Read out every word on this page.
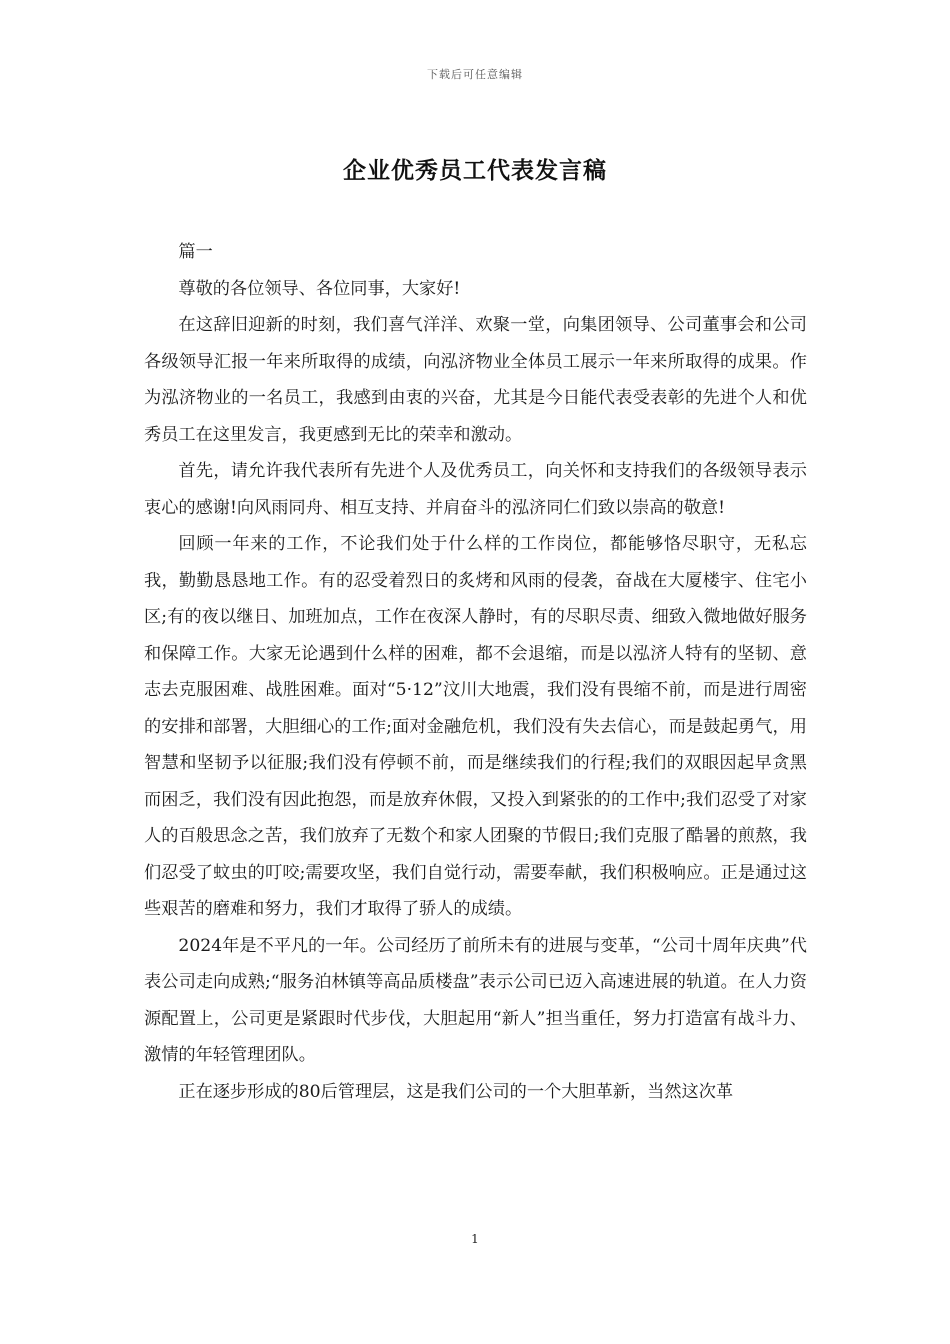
下载后可任意编辑
企业优秀员工代表发言稿

篇一

尊敬的各位领导、各位同事，大家好!

在这辞旧迎新的时刻，我们喜气洋洋、欢聚一堂，向集团领导、公司董事会和公司各级领导汇报一年来所取得的成绩，向泓济物业全体员工展示一年来所取得的成果。作为泓济物业的一名员工，我感到由衷的兴奋，尤其是今日能代表受表彰的先进个人和优秀员工在这里发言，我更感到无比的荣幸和激动。

首先，请允许我代表所有先进个人及优秀员工，向关怀和支持我们的各级领导表示衷心的感谢!向风雨同舟、相互支持、并肩奋斗的泓济同仁们致以崇高的敬意!

回顾一年来的工作，不论我们处于什么样的工作岗位，都能够恪尽职守，无私忘我，勤勤恳恳地工作。有的忍受着烈日的炙烤和风雨的侵袭，奋战在大厦楼宇、住宅小区;有的夜以继日、加班加点，工作在夜深人静时，有的尽职尽责、细致入微地做好服务和保障工作。大家无论遇到什么样的困难，都不会退缩，而是以泓济人特有的坚韧、意志去克服困难、战胜困难。面对“5·12”汶川大地震，我们没有畏缩不前，而是进行周密的安排和部署，大胆细心的工作;面对金融危机，我们没有失去信心，而是鼓起勇气，用智慧和坚韧予以征服;我们没有停顿不前，而是继续我们的行程;我们的双眼因起早贪黑而困乏，我们没有因此抱怨，而是放弃休假，又投入到紧张的的工作中;我们忍受了对家人的百般思念之苦，我们放弃了无数个和家人团聚的节假日;我们克服了酷暑的煎熬，我们忍受了蚊虫的叮咬;需要攻坚，我们自觉行动，需要奉献，我们积极响应。正是通过这些艰苦的磨难和努力，我们才取得了骄人的成绩。

2024年是不平凡的一年。公司经历了前所未有的进展与变革，“公司十周年庆典”代表公司走向成熟;“服务泊林镇等高品质楼盘”表示公司已迈入高速进展的轨道。在人力资源配置上，公司更是紧跟时代步伐，大胆起用“新人”担当重任，努力打造富有战斗力、激情的年轻管理团队。

正在逐步形成的80后管理层，这是我们公司的一个大胆革新，当然这次革

1
